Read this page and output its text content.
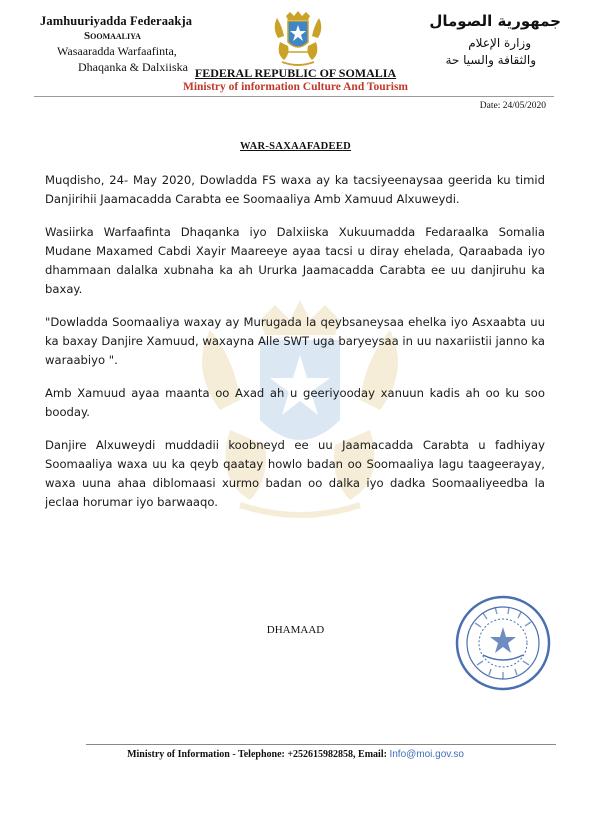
Jamhuuriyadda Federaakja
Soomaaliya
Wasaaradda Warfaafinta,
Dhaqanka & Dalxiiska
جمهورية الصومال
وزارة الإعلام
والثقافة والسيا حة
FEDERAL REPUBLIC OF SOMALIA
Ministry of information Culture And Tourism
Date: 24/05/2020
WAR-SAXAAFADEED

Muqdisho, 24- May 2020, Dowladda FS waxa ay ka tacsiyeenaysaa geerida ku timid Danjirihii Jaamacadda Carabta ee Soomaaliya Amb Xamuud Alxuweydi.

Wasiirka Warfaafinta Dhaqanka iyo Dalxiiska Xukuumadda Fedaraalka Somalia Mudane Maxamed Cabdi Xayir Maareeye ayaa tacsi u diray ehelada, Qaraabada iyo dhammaan dalalka xubnaha ka ah Ururka Jaamacadda Carabta ee uu danjiruhu ka baxay.

"Dowladda Soomaaliya waxay ay Murugada la qeybsaneysaa ehelka iyo Asxaabta uu ka baxay Danjire Xamuud, waxayna Alle SWT uga baryeysaa in uu naxariistii janno ka waraabiyo ".

Amb Xamuud ayaa maanta oo Axad ah u geeriyooday xanuun kadis ah oo ku soo booday.

Danjire Alxuweydi muddadii koobneyd ee uu Jaamacadda Carabta u fadhiyay Soomaaliya waxa uu ka qeyb qaatay howlo badan oo Soomaaliya lagu taageerayay, waxa uuna ahaa diblomaasi xurmo badan oo dalka iyo dadka Soomaaliyeedba la jeclaa horumar iyo barwaaqo.

DHAMAAD
Ministry of Information - Telephone: +252615982858, Email: Info@moi.gov.so
